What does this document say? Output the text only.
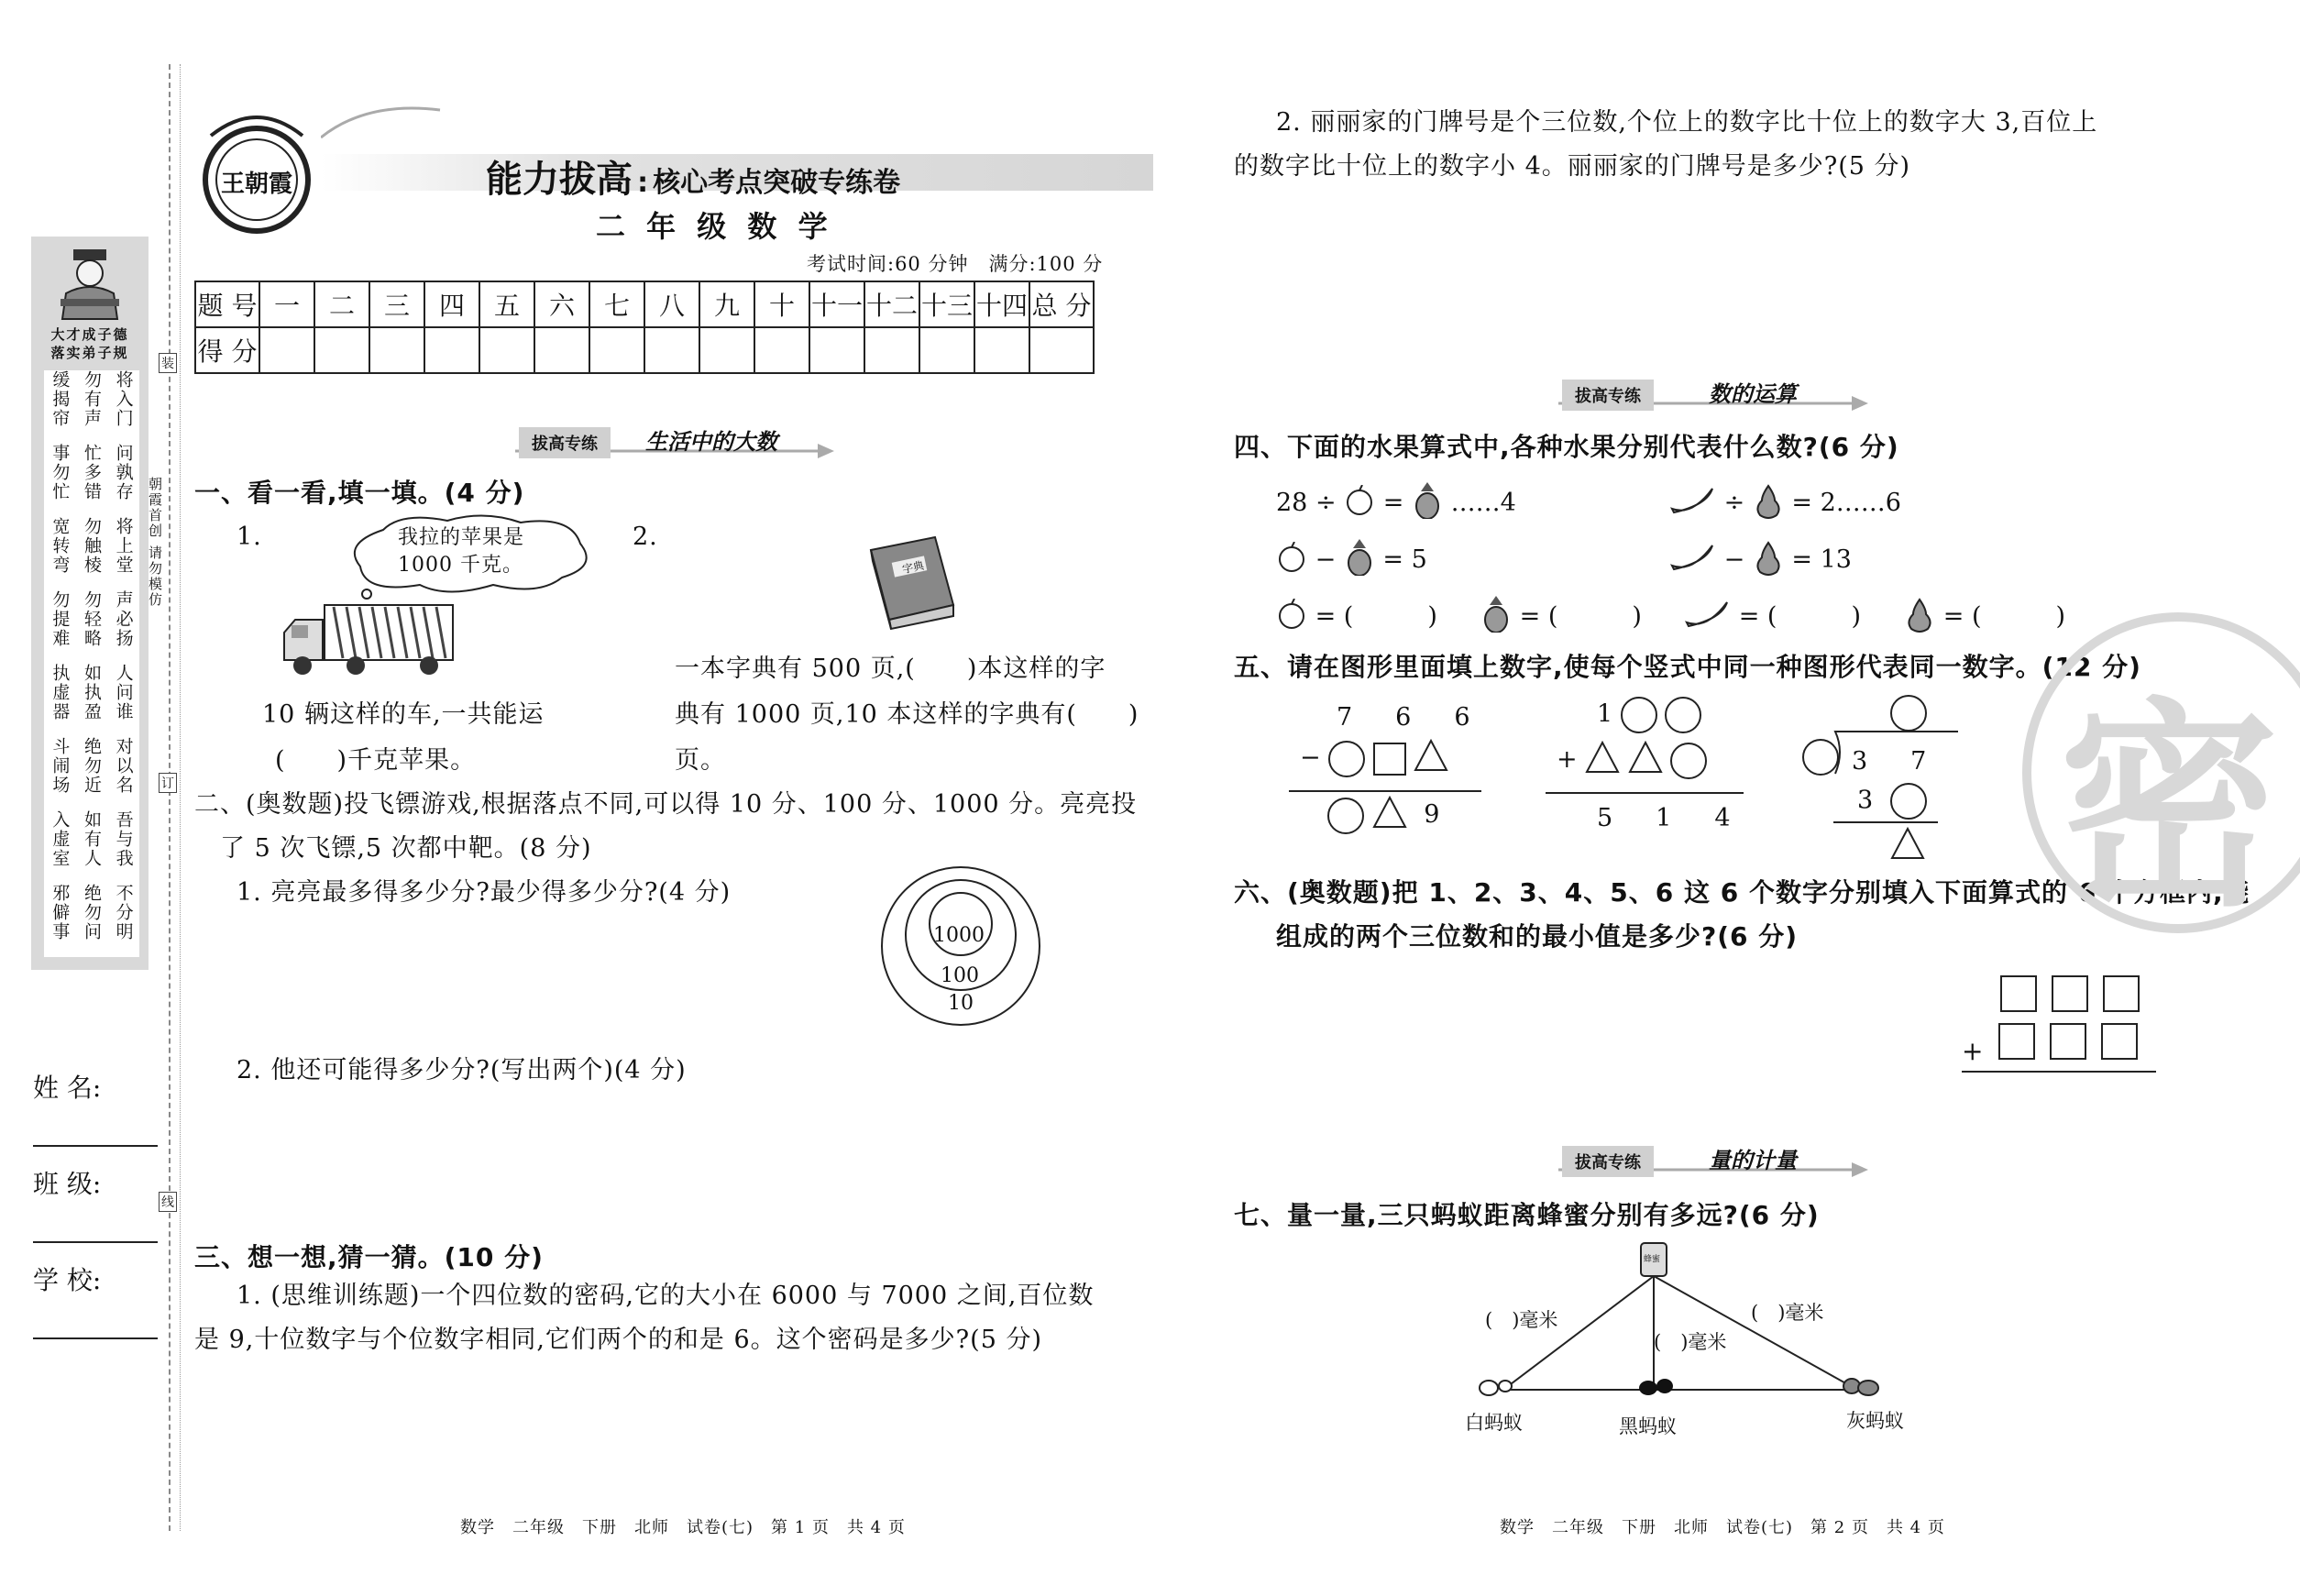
大才成子德
落实弟子规
缓揭帘 勿有声 将入门
事勿忙 忙多错 问孰存
宽转弯 勿触棱 将上堂
勿提难 勿轻略 声必扬
执虚器 如执盈 人问谁
斗闹场 绝勿近 对以名
入虚室 如有人 吾与我
邪僻事 绝勿问 不分明
朝霞首创 请勿模仿
装
订
线
姓 名:
班 级:
学 校:
王朝霞	能力拔高 : 核心考点突破专练卷
二 年 级 数 学
考试时间:60 分钟　满分:100 分
题 号	一	二	三	四	五	六	七	八	九	十	十一	十二	十三	十四	总 分
得 分															
拔高专练	生活中的大数
一、看一看,填一填。(4 分)
1.	我拉的苹果是 1000 千克。
10 辆这样的车,一共能运
(　　)千克苹果。
2.
字典
一本字典有 500 页,(　　)本这样的字
典有 1000 页,10 本这样的字典有(　　)
页。
二、(奥数题)投飞镖游戏,根据落点不同,可以得 10 分、100 分、1000 分。亮亮投
了 5 次飞镖,5 次都中靶。(8 分)
1. 亮亮最多得多少分?最少得多少分?(4 分)
1000
100
10
2. 他还可能得多少分?(写出两个)(4 分)
三、想一想,猜一猜。(10 分)
1. (思维训练题)一个四位数的密码,它的大小在 6000 与 7000 之间,百位数
是 9,十位数字与个位数字相同,它们两个的和是 6。这个密码是多少?(5 分)
数学　二年级　下册　北师　试卷(七)　第 1 页　共 4 页
2. 丽丽家的门牌号是个三位数,个位上的数字比十位上的数字大 3,百位上
的数字比十位上的数字小 4。丽丽家的门牌号是多少?(5 分)
拔高专练	数的运算
四、下面的水果算式中,各种水果分别代表什么数?(6 分)
28 ÷ = ……4	÷ = 2……6
− = 5	− = 13
= (　　　)	= (　　　)	= (　　　)	= (　　　)
五、请在图形里面填上数字,使每个竖式中同一种图形代表同一数字。(12 分)
7　6　6
−
9
1
+
5　1　4
3　7
3
六、(奥数题)把 1、2、3、4、5、6 这 6 个数字分别填入下面算式的 6 个方框内,能
组成的两个三位数和的最小值是多少?(6 分)
+
拔高专练	量的计量
七、量一量,三只蚂蚁距离蜂蜜分别有多远?(6 分)
蜂蜜
(　)毫米
(　)毫米
(　)毫米
白蚂蚁	黑蚂蚁	灰蚂蚁
密
数学　二年级　下册　北师　试卷(七)　第 2 页　共 4 页
